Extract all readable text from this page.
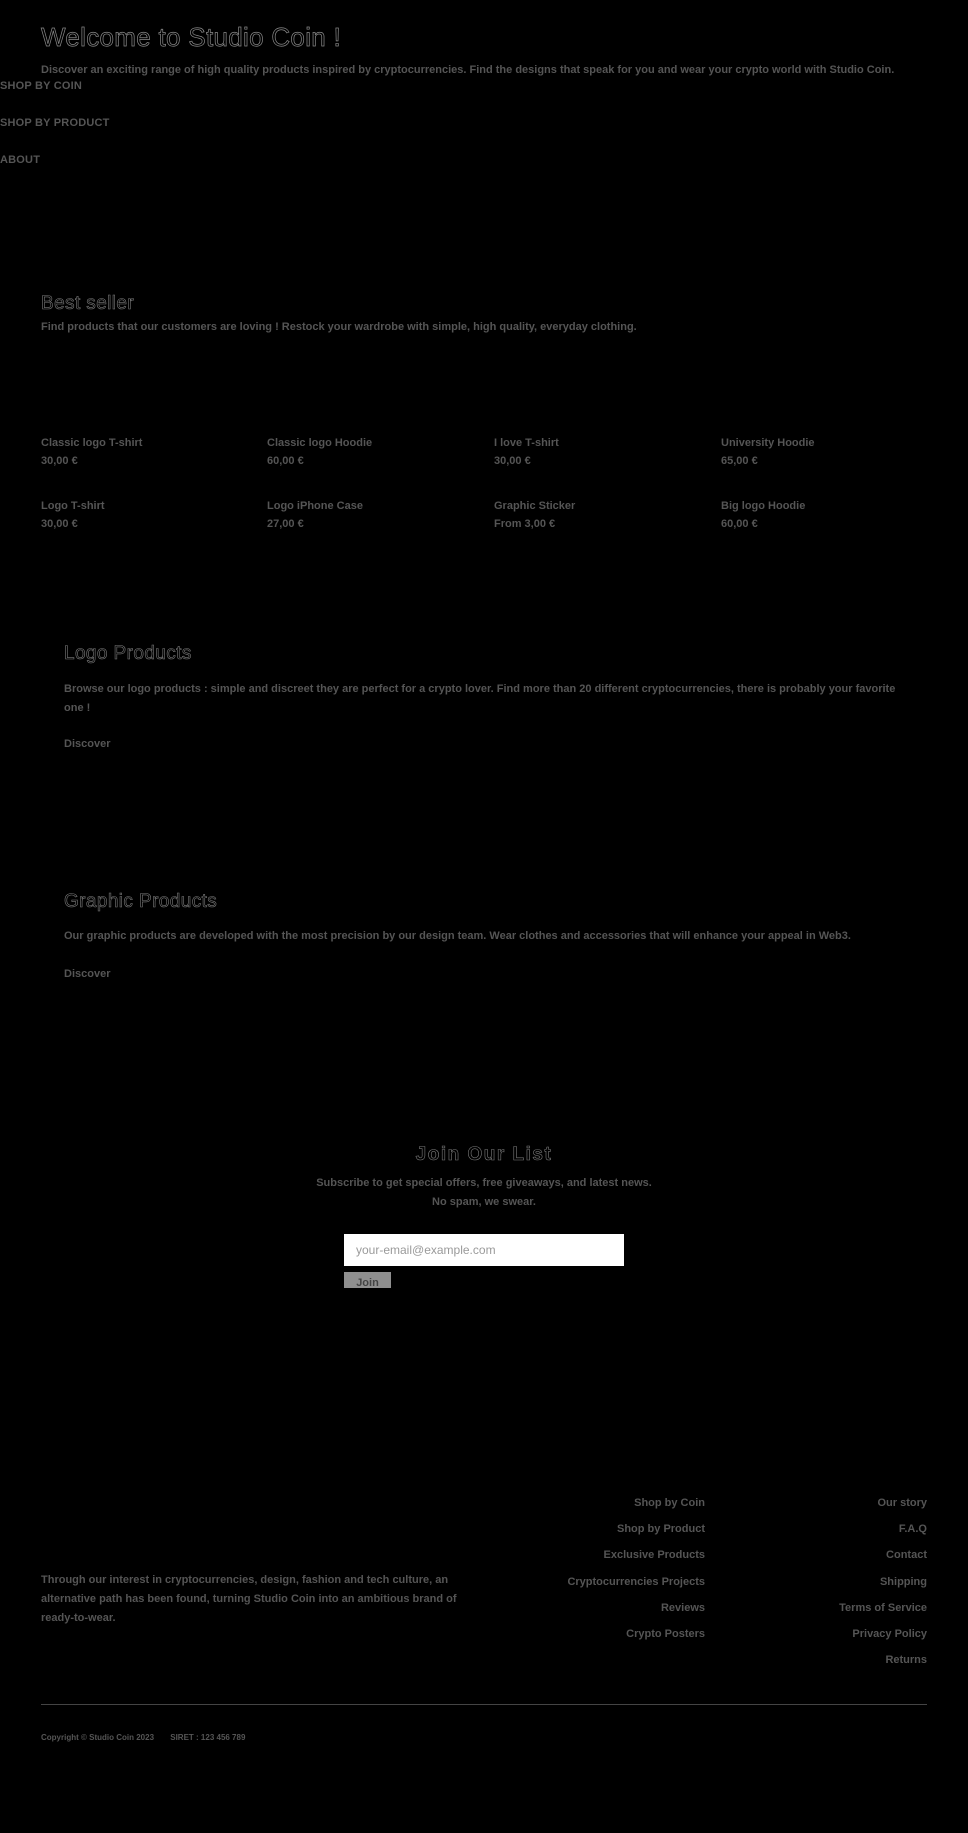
Welcome to Studio Coin !
Discover an exciting range of high quality products inspired by cryptocurrencies. Find the designs that speak for you and wear your crypto world with Studio Coin.
SHOP BY COIN
SHOP BY PRODUCT
ABOUT
Best seller
Find products that our customers are loving ! Restock your wardrobe with simple, high quality, everyday clothing.
Classic logo T-shirt
30,00 €
Classic logo Hoodie
60,00 €
I love T-shirt
30,00 €
University Hoodie
65,00 €
Logo T-shirt
30,00 €
Logo iPhone Case
27,00 €
Graphic Sticker
From 3,00 €
Big logo Hoodie
60,00 €
Logo Products
Browse our logo products : simple and discreet they are perfect for a crypto lover. Find more than 20 different cryptocurrencies, there is probably your favorite one !
Discover
Graphic Products
Our graphic products are developed with the most precision by our design team. Wear clothes and accessories that will enhance your appeal in Web3.
Discover
Join Our List
Subscribe to get special offers, free giveaways, and latest news.
No spam, we swear.
your-email@example.com
Join
Through our interest in cryptocurrencies, design, fashion and tech culture, an alternative path has been found, turning Studio Coin into an ambitious brand of ready-to-wear.
Shop by Coin
Shop by Product
Exclusive Products
Cryptocurrencies Projects
Reviews
Crypto Posters
Our story
F.A.Q
Contact
Shipping
Terms of Service
Privacy Policy
Returns
Copyright © Studio Coin 2023 SIRET : 123 456 789
